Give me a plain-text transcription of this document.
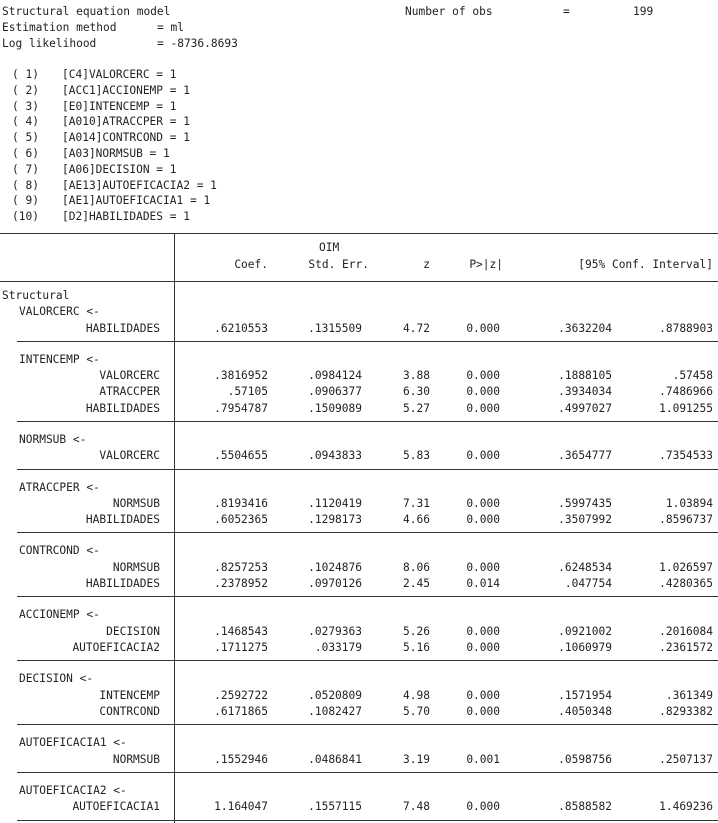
Structural equation model	Number of obs	=	199
Estimation method	= ml
Log likelihood	= -8736.8693
( 1) [C4]VALORCERC = 1
( 2) [ACC1]ACCIONEMP = 1
( 3) [E0]INTENCEMP = 1
( 4) [A010]ATRACCPER = 1
( 5) [A014]CONTRCOND = 1
( 6) [A03]NORMSUB = 1
( 7) [A06]DECISION = 1
( 8) [AE13]AUTOEFICACIA2 = 1
( 9) [AE1]AUTOEFICACIA1 = 1
(10) [D2]HABILIDADES = 1
OIM
Coef.	Std. Err.	z	P>|z|	[95% Conf. Interval]
Structural
VALORCERC <-
HABILIDADES	.6210553	.1315509	4.72	0.000	.3632204	.8788903
INTENCEMP <-
VALORCERC	.3816952	.0984124	3.88	0.000	.1888105	.57458
ATRACCPER	.57105	.0906377	6.30	0.000	.3934034	.7486966
HABILIDADES	.7954787	.1509089	5.27	0.000	.4997027	1.091255
NORMSUB <-
VALORCERC	.5504655	.0943833	5.83	0.000	.3654777	.7354533
ATRACCPER <-
NORMSUB	.8193416	.1120419	7.31	0.000	.5997435	1.03894
HABILIDADES	.6052365	.1298173	4.66	0.000	.3507992	.8596737
CONTRCOND <-
NORMSUB	.8257253	.1024876	8.06	0.000	.6248534	1.026597
HABILIDADES	.2378952	.0970126	2.45	0.014	.047754	.4280365
ACCIONEMP <-
DECISION	.1468543	.0279363	5.26	0.000	.0921002	.2016084
AUTOEFICACIA2	.1711275	.033179	5.16	0.000	.1060979	.2361572
DECISION <-
INTENCEMP	.2592722	.0520809	4.98	0.000	.1571954	.361349
CONTRCOND	.6171865	.1082427	5.70	0.000	.4050348	.8293382
AUTOEFICACIA1 <-
NORMSUB	.1552946	.0486841	3.19	0.001	.0598756	.2507137
AUTOEFICACIA2 <-
AUTOEFICACIA1	1.164047	.1557115	7.48	0.000	.8588582	1.469236
